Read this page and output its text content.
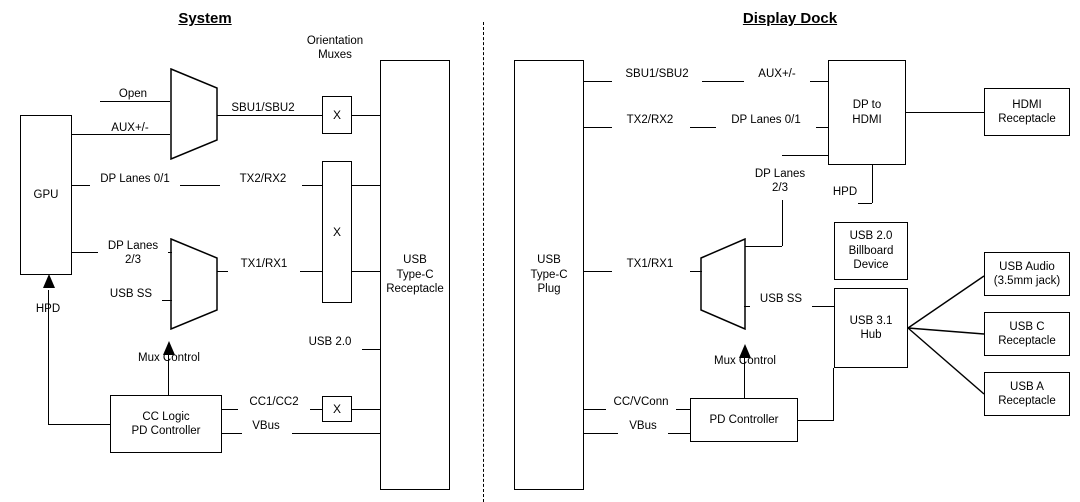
System	Display Dock
GPU
Orientation
Muxes
Open
AUX+/-
DP Lanes 0/1
DP Lanes
2/3
USB SS
SBU1/SBU2
TX2/RX2
TX1/RX1
X
X
X
USB
Type-C
Receptacle
USB 2.0
CC Logic
PD Controller
CC1/CC2
VBus
HPD
Mux Control
USB
Type-C
Plug
SBU1/SBU2	AUX+/-
TX2/RX2	DP Lanes 0/1
DP to
HDMI
HDMI
Receptacle
DP Lanes
2/3	HPD
TX1/RX1
USB SS
USB 2.0
Billboard
Device
USB 3.1
Hub
USB Audio
(3.5mm jack)
USB C
Receptacle
USB A
Receptacle
PD Controller
CC/VConn
VBus
Mux Control
